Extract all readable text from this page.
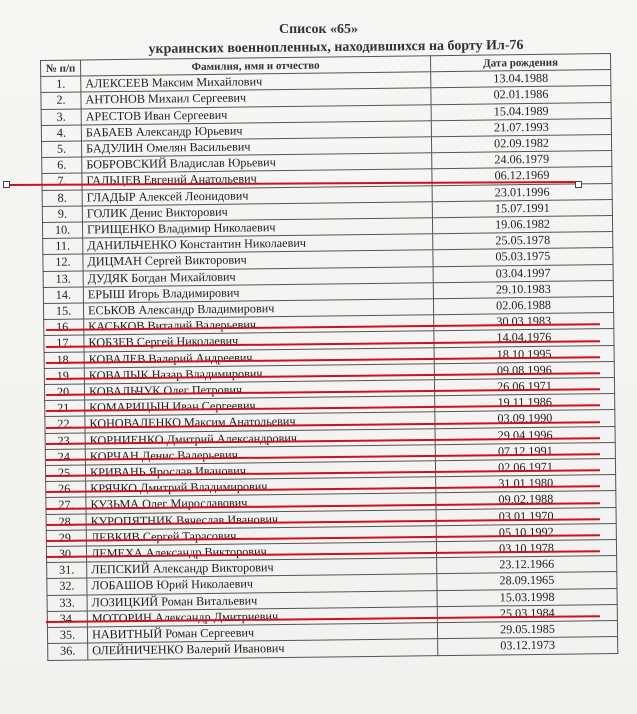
Список «65»
украинских военнопленных, находившихся на борту Ил-76
№ п/п	Фамилия, имя и отчество	Дата рождения
1.	АЛЕКСЕЕВ Максим Михайлович	13.04.1988
2.	АНТОНОВ Михаил Сергеевич	02.01.1986
3.	АРЕСТОВ Иван Сергеевич	15.04.1989
4.	БАБАЕВ Александр Юрьевич	21.07.1993
5.	БАДУЛИН Омелян Васильевич	02.09.1982
6.	БОБРОВСКИЙ Владислав Юрьевич	24.06.1979
7.	ГАЛЬЦЕВ Евгений Анатольевич	06.12.1969
8.	ГЛАДЫР Алексей Леонидович	23.01.1996
9.	ГОЛИК Денис Викторович	15.07.1991
10.	ГРИЩЕНКО Владимир Николаевич	19.06.1982
11.	ДАНИЛЬЧЕНКО Константин Николаевич	25.05.1978
12.	ДИЦМАН Сергей Викторович	05.03.1975
13.	ДУДЯК Богдан Михайлович	03.04.1997
14.	ЕРЫШ Игорь Владимирович	29.10.1983
15.	ЕСЬКОВ Александр Владимирович	02.06.1988
16.	КАСЬКОВ Виталий Валерьевич	30.03.1983
17.	КОБЗЕВ Сергей Николаевич	14.04.1976
18.	КОВАЛЕВ Валерий Андреевич	18.10.1995
19.	КОВАЛЫК Назар Владимирович	09.08.1996
20.	КОВАЛЬЧУК Олег Петрович	26.06.1971
21.	КОМАРИЦЫН Иван Сергеевич	19.11.1986
22.	КОНОВАЛЕНКО Максим Анатольевич	03.09.1990
23.	КОРНИЕНКО Дмитрий Александрович	29.04.1996
24.	КОРЧАН Денис Валерьевич	07.12.1991
25.	КРИВАНЬ Ярослав Иванович	02.06.1971
26.	КРЯЧКО Дмитрий Владимирович	31.01.1980
27.	КУЗЬМА Олег Мирославович	09.02.1988
28.	КУРОПЯТНИК Вячеслав Иванович	03.01.1970
29.	ЛЕВКИВ Сергей Тарасович	05.10.1992
30.	ЛЕМЕХА Александр Викторович	03.10.1978
31.	ЛЕПСКИЙ Александр Викторович	23.12.1966
32.	ЛОБАШОВ Юрий Николаевич	28.09.1965
33.	ЛОЗИЦКИЙ Роман Витальевич	15.03.1998
34.	МОТОРИН Александр Дмитриевич	25.03.1984
35.	НАВИТНЫЙ Роман Сергеевич	29.05.1985
36.	ОЛЕЙНИЧЕНКО Валерий Иванович	03.12.1973
